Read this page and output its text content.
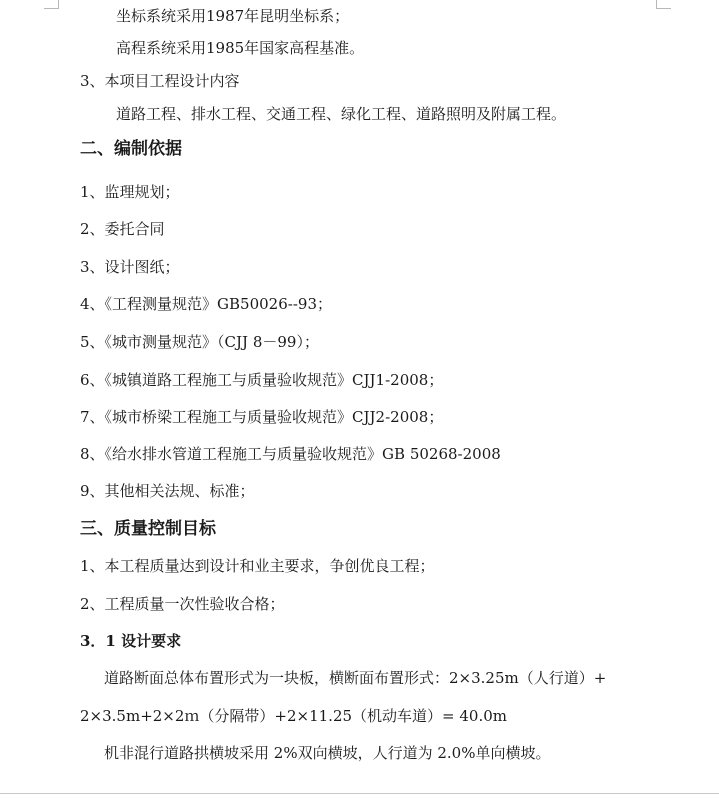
坐标系统采用1987年昆明坐标系；
高程系统采用1985年国家高程基准。
3、本项目工程设计内容
道路工程、排水工程、交通工程、绿化工程、道路照明及附属工程。
二、编制依据
1、监理规划；
2、委托合同
3、设计图纸；
4、《工程测量规范》GB50026--93；
5、《城市测量规范》（CJJ 8－99）；
6、《城镇道路工程施工与质量验收规范》CJJ1-2008；
7、《城市桥梁工程施工与质量验收规范》CJJ2-2008；
8、《给水排水管道工程施工与质量验收规范》GB 50268-2008
9、其他相关法规、标准；
三、质量控制目标
1、本工程质量达到设计和业主要求，争创优良工程；
2、工程质量一次性验收合格；
3．1 设计要求
道路断面总体布置形式为一块板，横断面布置形式：2×3.25m（人行道）+
2×3.5m+2×2ｍ（分隔带）+2×11.25（机动车道）= 40.0m
机非混行道路拱横坡采用 2%双向横坡，人行道为 2.0%单向横坡。
